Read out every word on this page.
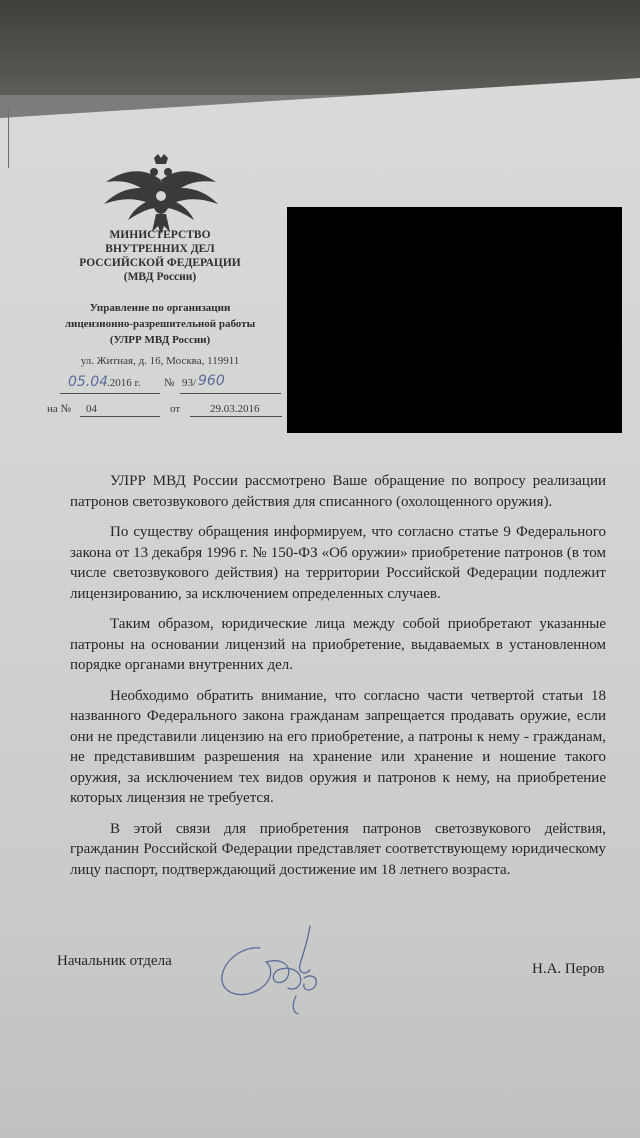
МИНИСТЕРСТВО
ВНУТРЕННИХ ДЕЛ
РОССИЙСКОЙ ФЕДЕРАЦИИ
(МВД России)
Управление по организации
лицензионно-разрешительной работы
(УЛРР МВД России)
ул. Житная, д. 16, Москва, 119911
05.04
.2016 г. № 93/ 960
на № 04	от	29.03.2016

УЛРР МВД России рассмотрено Ваше обращение по вопросу реализации патронов светозвукового действия для списанного (охолощенного оружия).

По существу обращения информируем, что согласно статье 9 Федерального закона от 13 декабря 1996 г. № 150-ФЗ «Об оружии» приобретение патронов (в том числе светозвукового действия) на территории Российской Федерации подлежит лицензированию, за исключением определенных случаев.

Таким образом, юридические лица между собой приобретают указанные патроны на основании лицензий на приобретение, выдаваемых в установленном порядке органами внутренних дел.

Необходимо обратить внимание, что согласно части четвертой статьи 18 названного Федерального закона гражданам запрещается продавать оружие, если они не представили лицензию на его приобретение, а патроны к нему - гражданам, не представившим разрешения на хранение или хранение и ношение такого оружия, за исключением тех видов оружия и патронов к нему, на приобретение которых лицензия не требуется.

В этой связи для приобретения патронов светозвукового действия, гражданин Российской Федерации представляет соответствующему юридическому лицу паспорт, подтверждающий достижение им 18 летнего возраста.

Начальник отдела	Н.А. Перов
